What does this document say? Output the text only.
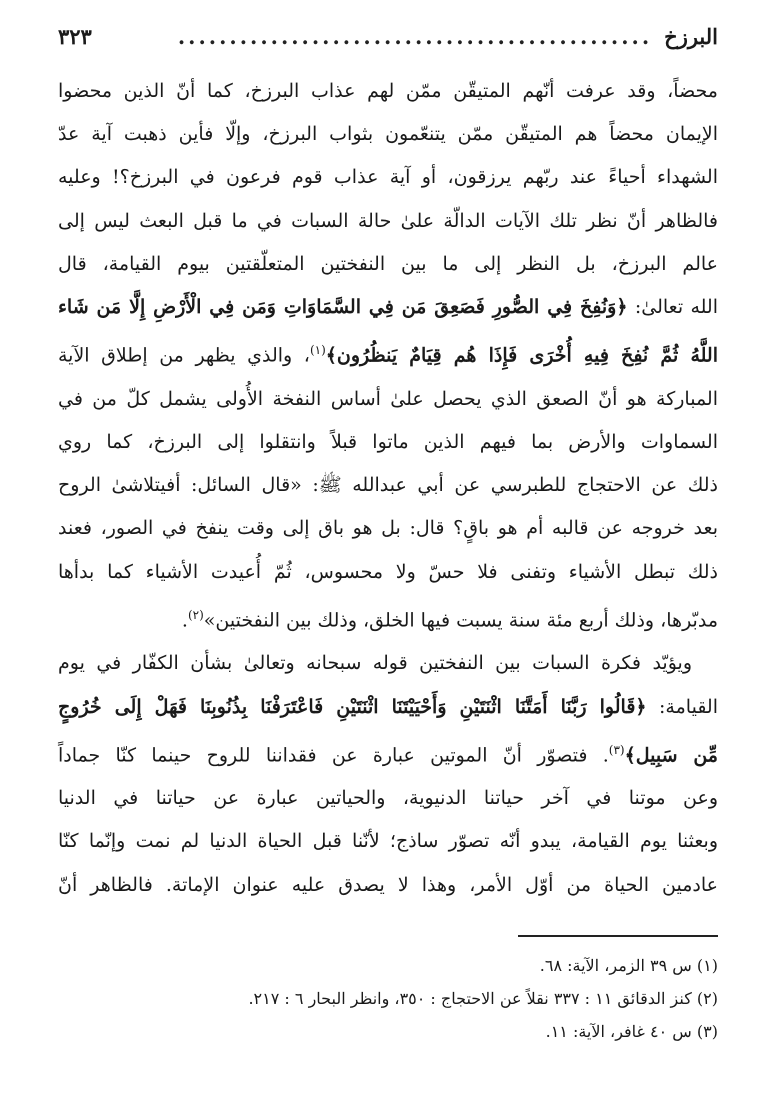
البرزخ
..............................................
٣٢٣
محضاً، وقد عرفت أنّهم المتيقّن ممّن لهم عذاب البرزخ، كما أنّ الذين محضوا
الإيمان محضاً هم المتيقّن ممّن يتنعّمون بثواب البرزخ، وإلّا فأين ذهبت آية عدّ
الشهداء أحياءً عند ربّهم يرزقون، أو آية عذاب قوم فرعون في البرزخ؟! وعليه
فالظاهر أنّ نظر تلك الآيات الدالّة علىٰ حالة السبات في ما قبل البعث ليس إلى
عالم البرزخ، بل النظر إلى ما بين النفختين المتعلّقتين بيوم القيامة، قال
الله تعالىٰ: ﴿وَنُفِخَ فِي الصُّورِ فَصَعِقَ مَن فِي السَّمَاوَاتِ وَمَن فِي الْأَرْضِ إِلَّا مَن شَاء
اللَّهُ ثُمَّ نُفِخَ فِيهِ أُخْرَى فَإِذَا هُم قِيَامٌ يَنظُرُون﴾$^{(١)}$، والذي يظهر من إطلاق الآية
المباركة هو أنّ الصعق الذي يحصل علىٰ أساس النفخة الأُولى يشمل كلّ من في
السماوات والأرض بما فيهم الذين ماتوا قبلاً وانتقلوا إلى البرزخ، كما روي
ذلك عن الاحتجاج للطبرسي عن أبي عبدالله ﷺ: «قال السائل: أفيتلاشىٰ الروح
بعد خروجه عن قالبه أم هو باقٍ؟ قال: بل هو باق إلى وقت ينفخ في الصور، فعند
ذلك تبطل الأشياء وتفنى فلا حسّ ولا محسوس، ثُمّ أُعيدت الأشياء كما بدأها
مدبّرها، وذلك أربع مئة سنة يسبت فيها الخلق، وذلك بين النفختين»$^{(٢)}$.
ويؤيّد فكرة السبات بين النفختين قوله سبحانه وتعالىٰ بشأن الكفّار في يوم
القيامة: ﴿قَالُوا رَبَّنَا أَمَتَّنَا اثْنَتَيْنِ وَأَحْيَيْتَنَا اثْنَتَيْنِ فَاعْتَرَفْنَا بِذُنُوبِنَا فَهَلْ إِلَى خُرُوجٍ
مِّن سَبِيل﴾$^{(٣)}$. فتصوّر أنّ الموتين عبارة عن فقداننا للروح حينما كنّا جماداً
وعن موتنا في آخر حياتنا الدنيوية، والحياتين عبارة عن حياتنا في الدنيا
وبعثنا يوم القيامة، يبدو أنّه تصوّر ساذج؛ لأنّنا قبل الحياة الدنيا لم نمت وإنّما كنّا
عادمين الحياة من أوّل الأمر، وهذا لا يصدق عليه عنوان الإماتة. فالظاهر أنّ
(١) س ٣٩ الزمر، الآية: ٦٨.
(٢) كنز الدقائق ١١ : ٣٣٧ نقلاً عن الاحتجاج : ٣٥٠، وانظر البحار ٦ : ٢١٧.
(٣) س ٤٠ غافر، الآية: ١١.
